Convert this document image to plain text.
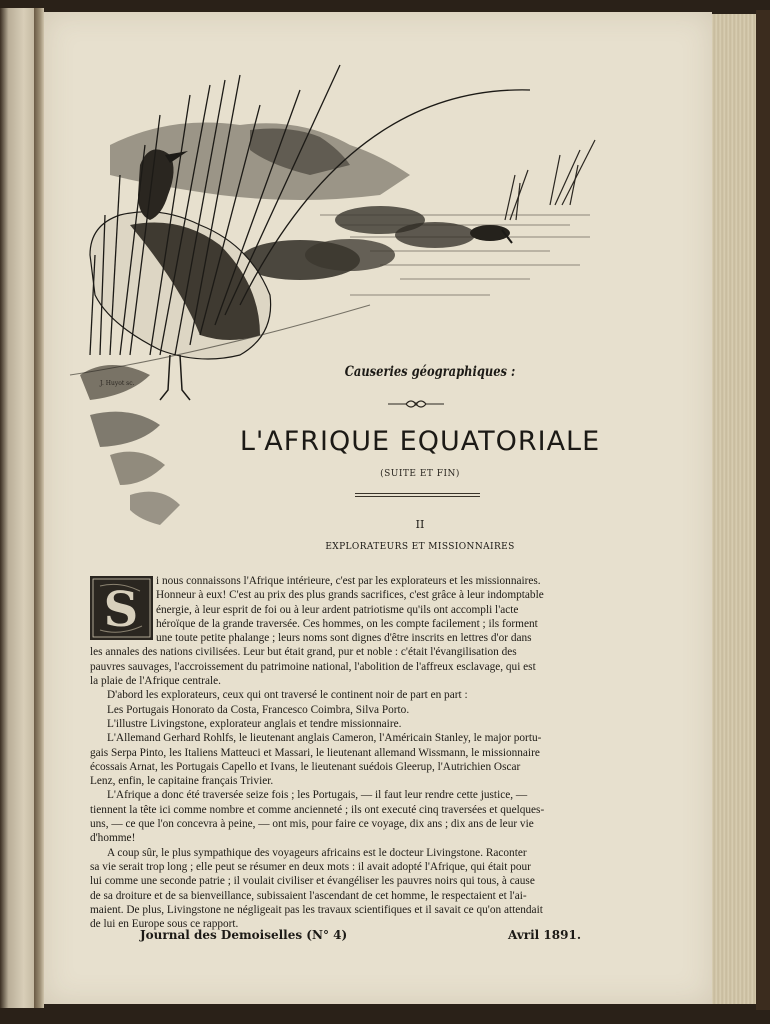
J. Huyot sc.
Causeries géographiques :
L'AFRIQUE EQUATORIALE
(SUITE ET FIN)
II
EXPLORATEURS ET MISSIONNAIRES
S
i nous connaissons l'Afrique intérieure, c'est par les explorateurs et les missionnaires.
Honneur à eux! C'est au prix des plus grands sacrifices, c'est grâce à leur indomptable
énergie, à leur esprit de foi ou à leur ardent patriotisme qu'ils ont accompli l'acte
héroïque de la grande traversée. Ces hommes, on les compte facilement ; ils forment
une toute petite phalange ; leurs noms sont dignes d'être inscrits en lettres d'or dans
les annales des nations civilisées. Leur but était grand, pur et noble : c'était l'évangilisation des
pauvres sauvages, l'accroissement du patrimoine national, l'abolition de l'affreux esclavage, qui est
la plaie de l'Afrique centrale.
D'abord les explorateurs, ceux qui ont traversé le continent noir de part en part :
Les Portugais Honorato da Costa, Francesco Coimbra, Silva Porto.
L'illustre Livingstone, explorateur anglais et tendre missionnaire.
L'Allemand Gerhard Rohlfs, le lieutenant anglais Cameron, l'Américain Stanley, le major portu-
gais Serpa Pinto, les Italiens Matteuci et Massari, le lieutenant allemand Wissmann, le missionnaire
écossais Arnat, les Portugais Capello et Ivans, le lieutenant suédois Gleerup, l'Autrichien Oscar
Lenz, enfin, le capitaine français Trivier.
L'Afrique a donc été traversée seize fois ; les Portugais, — il faut leur rendre cette justice, —
tiennent la tête ici comme nombre et comme ancienneté ; ils ont executé cinq traversées et quelques-
uns, — ce que l'on concevra à peine, — ont mis, pour faire ce voyage, dix ans ; dix ans de leur vie
d'homme!
A coup sûr, le plus sympathique des voyageurs africains est le docteur Livingstone. Raconter
sa vie serait trop long ; elle peut se résumer en deux mots : il avait adopté l'Afrique, qui était pour
lui comme une seconde patrie ; il voulait civiliser et évangéliser les pauvres noirs qui tous, à cause
de sa droiture et de sa bienveillance, subissaient l'ascendant de cet homme, le respectaient et l'ai-
maient. De plus, Livingstone ne négligeait pas les travaux scientifiques et il savait ce qu'on attendait
de lui en Europe sous ce rapport.
Journal des Demoiselles (N° 4)	Avril 1891.
